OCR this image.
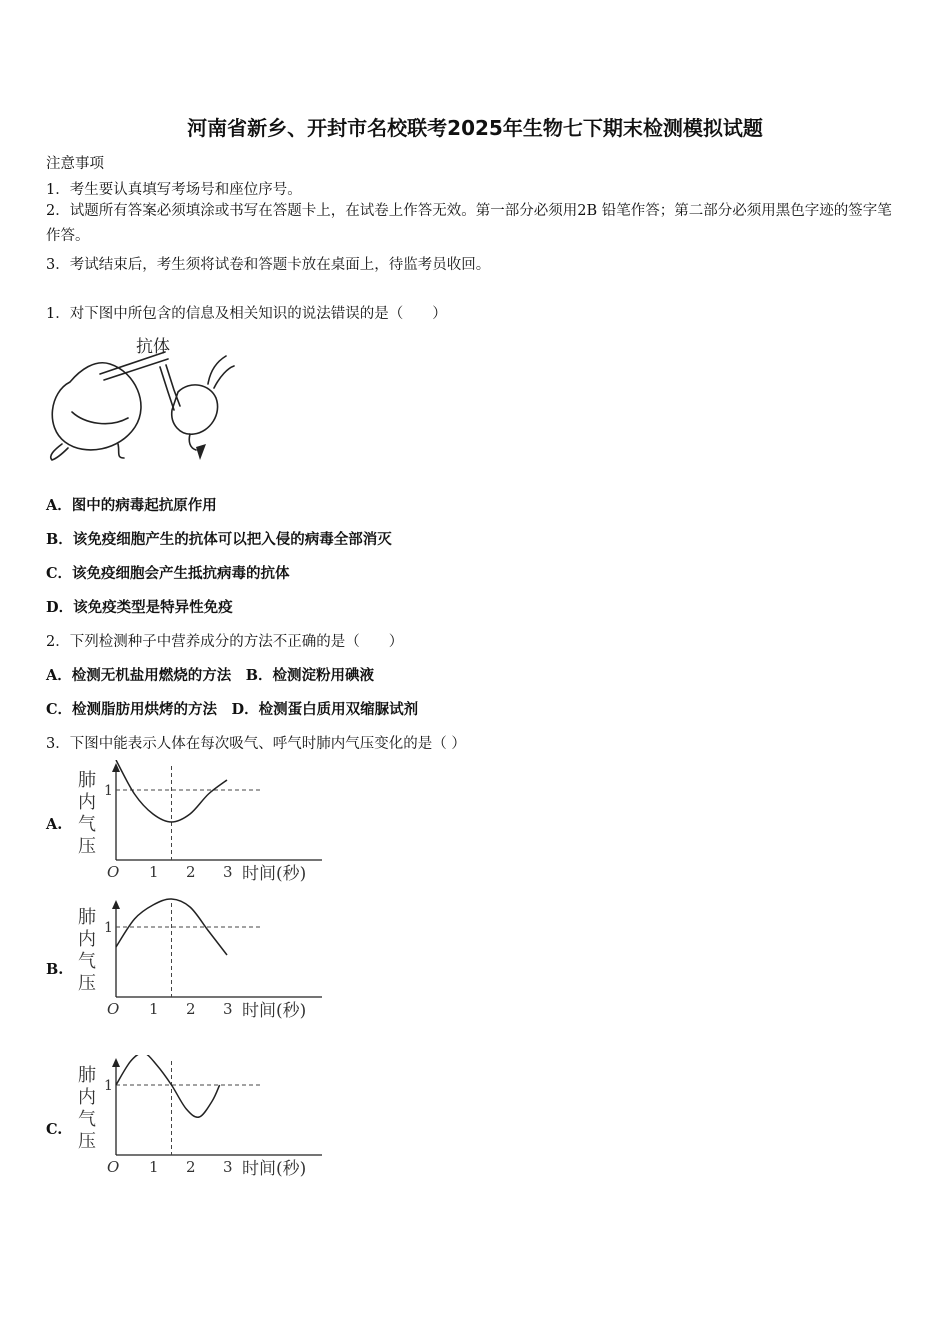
河南省新乡、开封市名校联考2025年生物七下期末检测模拟试题
注意事项
1．考生要认真填写考场号和座位序号。
2．试题所有答案必须填涂或书写在答题卡上，在试卷上作答无效。第一部分必须用2B 铅笔作答；第二部分必须用黑色字迹的签字笔作答。
3．考试结束后，考生须将试卷和答题卡放在桌面上，待监考员收回。
1．对下图中所包含的信息及相关知识的说法错误的是（　　）
抗体
A．图中的病毒起抗原作用
B．该免疫细胞产生的抗体可以把入侵的病毒全部消灭
C．该免疫细胞会产生抵抗病毒的抗体
D．该免疫类型是特异性免疫
2．下列检测种子中营养成分的方法不正确的是（　　）
A．检测无机盐用燃烧的方法　B．检测淀粉用碘液
C．检测脂肪用烘烤的方法　D．检测蛋白质用双缩脲试剂
3．下图中能表示人体在每次吸气、呼气时肺内气压变化的是（ ）
A.
B.
C.
1
O 1 2 3 时间(秒)
肺
内
气
压
1
O 1 2 3 时间(秒)
肺
内
气
压
1
O 1 2 3 时间(秒)
肺
内
气
压
